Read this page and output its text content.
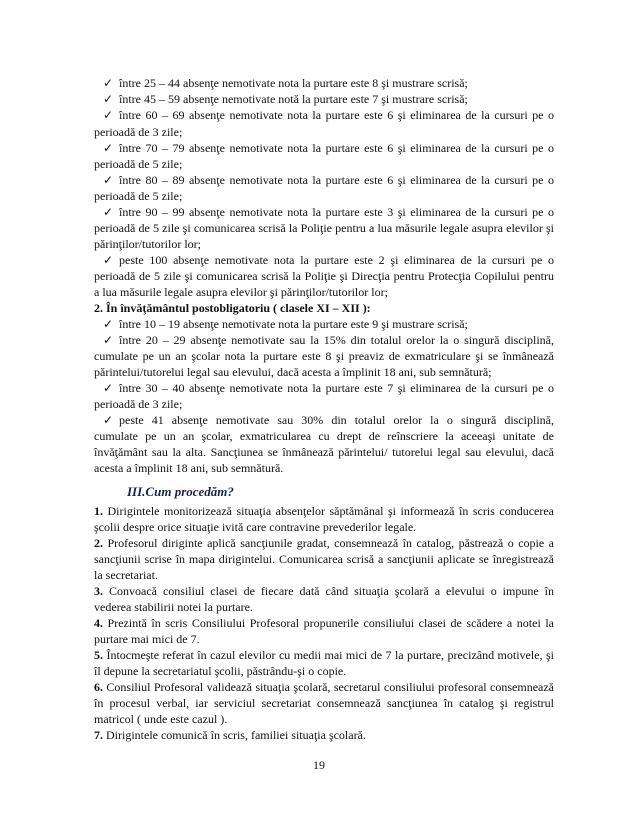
✓ între 25 – 44 absenţe nemotivate nota la purtare este 8 şi mustrare scrisă;
✓ între 45 – 59 absenţe nemotivate notă la purtare este 7 şi mustrare scrisă;
✓ între 60 – 69 absenţe nemotivate nota la purtare este 6 şi eliminarea de la cursuri pe o
perioadă de 3 zile;
✓ între 70 – 79 absenţe nemotivate nota la purtare este 6 şi eliminarea de la cursuri pe o
perioadă de 5 zile;
✓ între 80 – 89 absenţe nemotivate nota la purtare este 6 şi eliminarea de la cursuri pe o
perioadă de 5 zile;
✓ între 90 – 99 absenţe nemotivate nota la purtare este 3 şi eliminarea de la cursuri pe o
perioadă de 5 zile şi comunicarea scrisă la Poliţie pentru a lua măsurile legale asupra elevilor şi
părinţilor/tutorilor lor;
✓ peste 100 absenţe nemotivate nota la purtare este 2 şi eliminarea de la cursuri pe o
perioadă de 5 zile şi comunicarea scrisă la Poliţie şi Direcţia pentru Protecţia Copilului pentru
a lua măsurile legale asupra elevilor şi părinţilor/tutorilor lor;
2. În învăţământul postobligatoriu ( clasele XI – XII ):
✓ între 10 – 19 absenţe nemotivate nota la purtare este 9 şi mustrare scrisă;
✓ între 20 – 29 absenţe nemotivate sau la 15% din totalul orelor la o singură disciplină,
cumulate pe un an şcolar nota la purtare este 8 şi preaviz de exmatriculare şi se înmânează
părintelui/tutorelui legal sau elevului, dacă acesta a împlinit 18 ani, sub semnătură;
✓ între 30 – 40 absenţe nemotivate nota la purtare este 7 şi eliminarea de la cursuri pe o
perioadă de 3 zile;
✓ peste 41 absenţe nemotivate sau 30% din totalul orelor la o singură disciplină,
III.Cum procedăm?
1. Dirigintele monitorizează situaţia absenţelor săptămânal şi informează în scris conducerea
şcolii despre orice situaţie ivită care contravine prevederilor legale.
2. Profesorul diriginte aplică sancţiunile gradat, consemnează în catalog, păstrează o copie a
sancţiunii scrise în mapa dirigintelui. Comunicarea scrisă a sancţiunii aplicate se înregistrează
la secretariat.
3. Convoacă consiliul clasei de fiecare dată când situaţia şcolară a elevului o impune în
vederea stabilirii notei la purtare.
4. Prezintă în scris Consiliului Profesoral propunerile consiliului clasei de scădere a notei la
purtare mai mici de 7.
5. Întocmeşte referat în cazul elevilor cu medii mai mici de 7 la purtare, precizând motivele, şi
îl depune la secretariatul şcolii, păstrându-şi o copie.
6. Consiliul Profesoral validează situaţia şcolară, secretarul consiliului profesoral consemnează
în procesul verbal, iar serviciul secretariat consemnează sancţiunea în catalog şi registrul
matricol ( unde este cazul ).
7. Dirigintele comunică în scris, familiei situaţia şcolară.
19
cumulate pe un an şcolar, exmatricularea cu drept de reînscriere la aceeaşi unitate de
învăţământ sau la alta. Sancţiunea se înmânează părintelui/ tutorelui legal sau elevului, dacă
acesta a împlinit 18 ani, sub semnătură.
